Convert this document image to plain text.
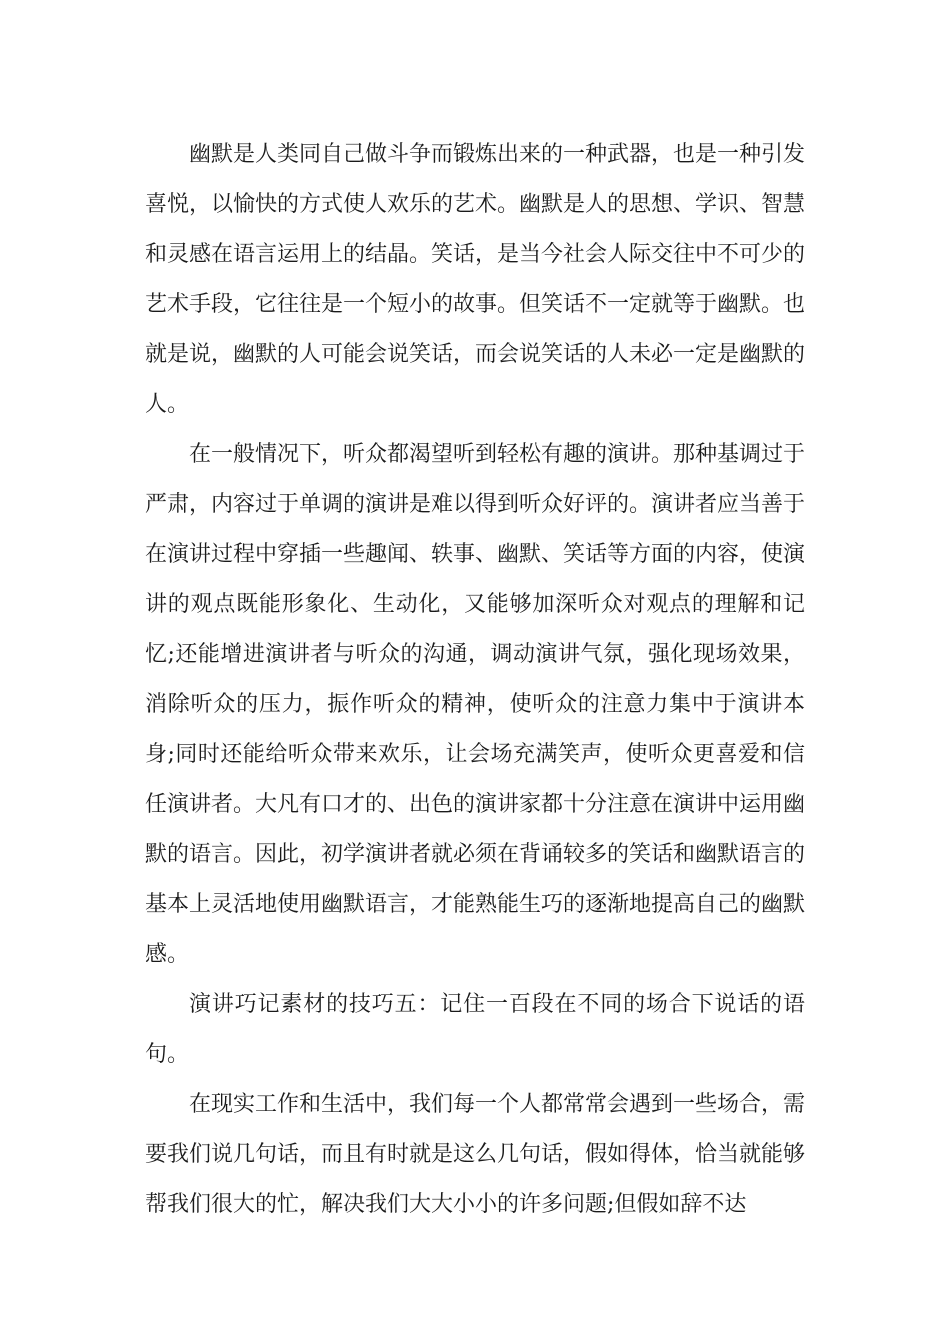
幽默是人类同自己做斗争而锻炼出来的一种武器，也是一种引发喜悦，以愉快的方式使人欢乐的艺术。幽默是人的思想、学识、智慧和灵感在语言运用上的结晶。笑话，是当今社会人际交往中不可少的艺术手段，它往往是一个短小的故事。但笑话不一定就等于幽默。也就是说，幽默的人可能会说笑话，而会说笑话的人未必一定是幽默的人。

在一般情况下，听众都渴望听到轻松有趣的演讲。那种基调过于严肃，内容过于单调的演讲是难以得到听众好评的。演讲者应当善于在演讲过程中穿插一些趣闻、轶事、幽默、笑话等方面的内容，使演讲的观点既能形象化、生动化，又能够加深听众对观点的理解和记忆;还能增进演讲者与听众的沟通，调动演讲气氛，强化现场效果，消除听众的压力，振作听众的精神，使听众的注意力集中于演讲本身;同时还能给听众带来欢乐，让会场充满笑声，使听众更喜爱和信任演讲者。大凡有口才的、出色的演讲家都十分注意在演讲中运用幽默的语言。因此，初学演讲者就必须在背诵较多的笑话和幽默语言的基本上灵活地使用幽默语言，才能熟能生巧的逐渐地提高自己的幽默感。

演讲巧记素材的技巧五：记住一百段在不同的场合下说话的语句。

在现实工作和生活中，我们每一个人都常常会遇到一些场合，需要我们说几句话，而且有时就是这么几句话，假如得体，恰当就能够帮我们很大的忙，解决我们大大小小的许多问题;但假如辞不达
